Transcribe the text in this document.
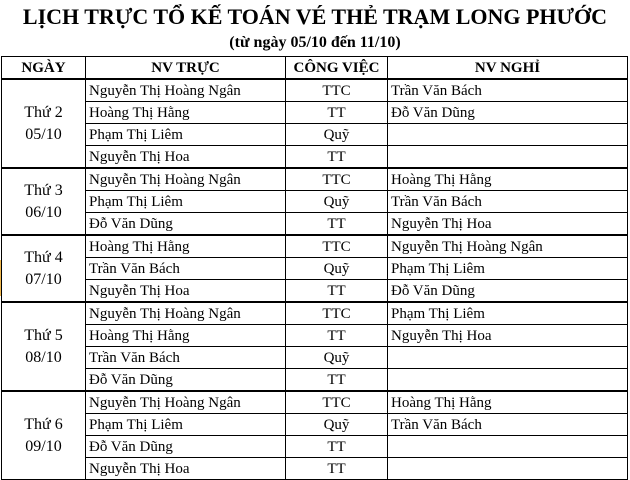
LỊCH TRỰC TỔ KẾ TOÁN VÉ THẺ TRẠM LONG PHƯỚC
(từ ngày 05/10 đến 11/10)
NGÀY	NV TRỰC	CÔNG VIỆC	NV NGHỈ

Thứ 2
05/10	Nguyễn Thị Hoàng Ngân	TTC	Trần Văn Bách
	Hoàng Thị Hằng	TT	Đỗ Văn Dũng
	Phạm Thị Liêm	Quỹ	
	Nguyễn Thị Hoa	TT	

Thứ 3
06/10	Nguyễn Thị Hoàng Ngân	TTC	Hoàng Thị Hằng
	Phạm Thị Liêm	Quỹ	Trần Văn Bách
	Đỗ Văn Dũng	TT	Nguyễn Thị Hoa

Thứ 4
07/10	Hoàng Thị Hằng	TTC	Nguyễn Thị Hoàng Ngân
	Trần Văn Bách	Quỹ	Phạm Thị Liêm
	Nguyễn Thị Hoa	TT	Đỗ Văn Dũng

Thứ 5
08/10	Nguyễn Thị Hoàng Ngân	TTC	Phạm Thị Liêm
	Hoàng Thị Hằng	TT	Nguyễn Thị Hoa
	Trần Văn Bách	Quỹ	
	Đỗ Văn Dũng	TT	

Thứ 6
09/10	Nguyễn Thị Hoàng Ngân	TTC	Hoàng Thị Hằng
	Phạm Thị Liêm	Quỹ	Trần Văn Bách
	Đỗ Văn Dũng	TT	
	Nguyễn Thị Hoa	TT	
